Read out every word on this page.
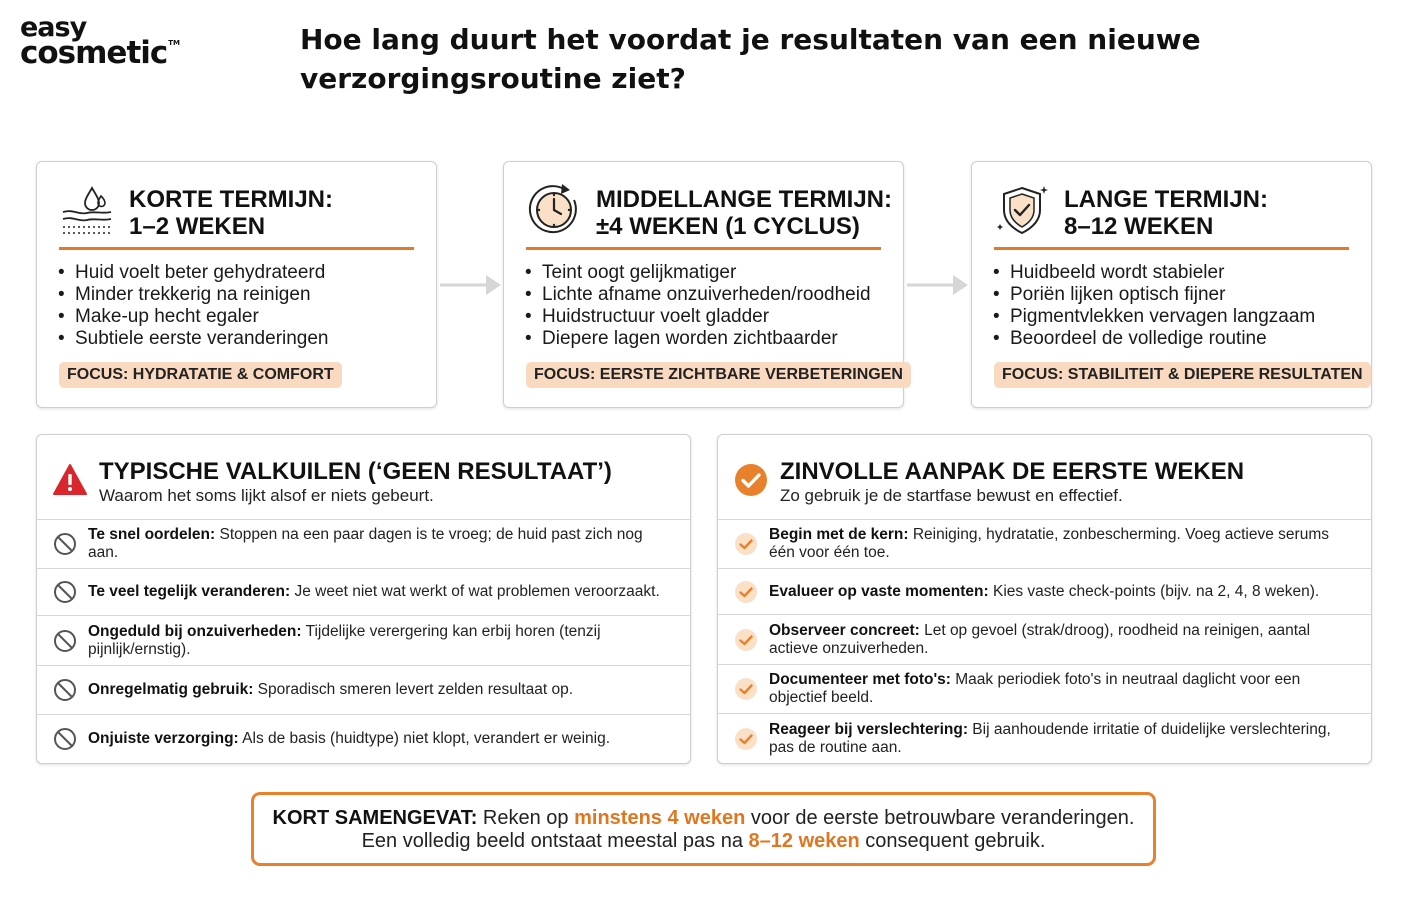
easy
cosmetic™	Hoe lang duurt het voordat je resultaten van een nieuwe verzorgingsroutine ziet?
KORTE TERMIJN:
1–2 WEKEN
• Huid voelt beter gehydrateerd
• Minder trekkerig na reinigen
• Make-up hecht egaler
• Subtiele eerste veranderingen
FOCUS: HYDRATATIE & COMFORT
MIDDELLANGE TERMIJN:
±4 WEKEN (1 CYCLUS)
• Teint oogt gelijkmatiger
• Lichte afname onzuiverheden/roodheid
• Huidstructuur voelt gladder
• Diepere lagen worden zichtbaarder
FOCUS: EERSTE ZICHTBARE VERBETERINGEN
LANGE TERMIJN:
8–12 WEKEN
• Huidbeeld wordt stabieler
• Poriën lijken optisch fijner
• Pigmentvlekken vervagen langzaam
• Beoordeel de volledige routine
FOCUS: STABILITEIT & DIEPERE RESULTATEN
TYPISCHE VALKUILEN (‘GEEN RESULTAAT’)
Waarom het soms lijkt alsof er niets gebeurt.
Te snel oordelen: Stoppen na een paar dagen is te vroeg; de huid past zich nog aan.
Te veel tegelijk veranderen: Je weet niet wat werkt of wat problemen veroorzaakt.
Ongeduld bij onzuiverheden: Tijdelijke verergering kan erbij horen (tenzij pijnlijk/ernstig).
Onregelmatig gebruik: Sporadisch smeren levert zelden resultaat op.
Onjuiste verzorging: Als de basis (huidtype) niet klopt, verandert er weinig.
ZINVOLLE AANPAK DE EERSTE WEKEN
Zo gebruik je de startfase bewust en effectief.
Begin met de kern: Reiniging, hydratatie, zonbescherming. Voeg actieve serums één voor één toe.
Evalueer op vaste momenten: Kies vaste check-points (bijv. na 2, 4, 8 weken).
Observeer concreet: Let op gevoel (strak/droog), roodheid na reinigen, aantal actieve onzuiverheden.
Documenteer met foto's: Maak periodiek foto's in neutraal daglicht voor een objectief beeld.
Reageer bij verslechtering: Bij aanhoudende irritatie of duidelijke verslechtering, pas de routine aan.
KORT SAMENGEVAT: Reken op minstens 4 weken voor de eerste betrouwbare veranderingen.
Een volledig beeld ontstaat meestal pas na 8–12 weken consequent gebruik.
